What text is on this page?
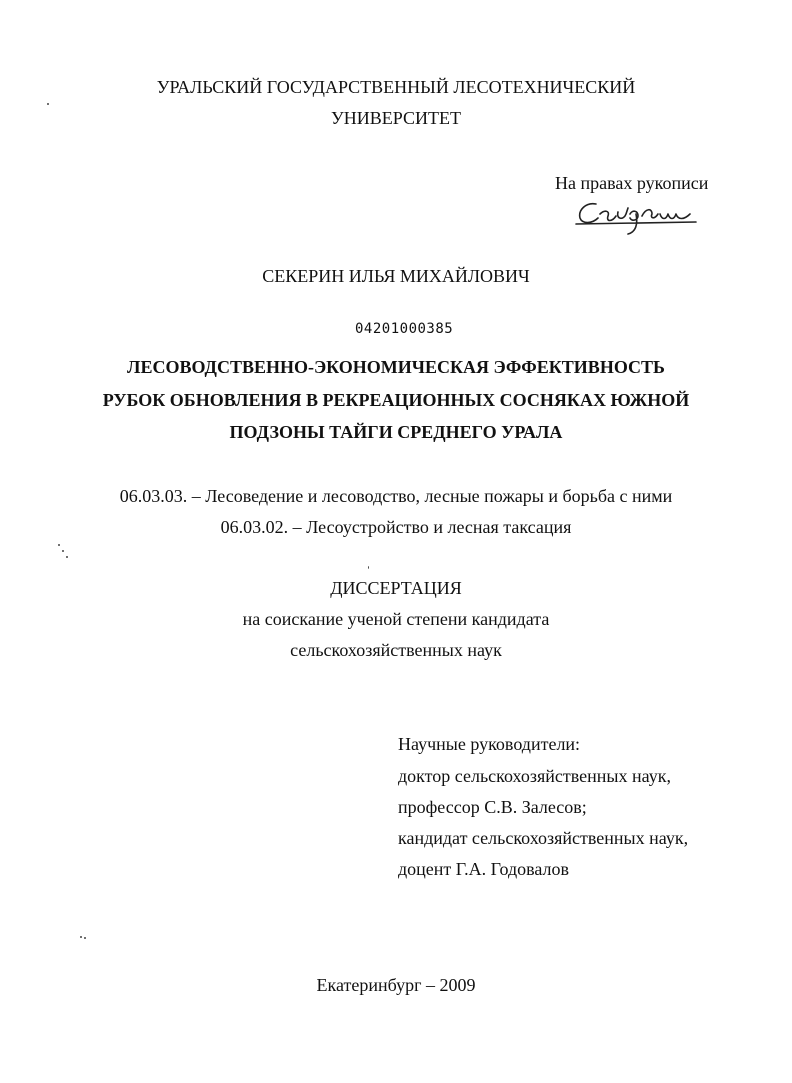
УРАЛЬСКИЙ ГОСУДАРСТВЕННЫЙ ЛЕСОТЕХНИЧЕСКИЙ
УНИВЕРСИТЕТ
На правах рукописи
СЕКЕРИН ИЛЬЯ МИХАЙЛОВИЧ
04201000385
ЛЕСОВОДСТВЕННО-ЭКОНОМИЧЕСКАЯ ЭФФЕКТИВНОСТЬ
РУБОК ОБНОВЛЕНИЯ В РЕКРЕАЦИОННЫХ СОСНЯКАХ ЮЖНОЙ
ПОДЗОНЫ ТАЙГИ СРЕДНЕГО УРАЛА
06.03.03. – Лесоведение и лесоводство, лесные пожары и борьба с ними
06.03.02. – Лесоустройство и лесная таксация
ДИССЕРТАЦИЯ
на соискание ученой степени кандидата
сельскохозяйственных наук
Научные руководители:
доктор сельскохозяйственных наук,
профессор С.В. Залесов;
кандидат сельскохозяйственных наук,
доцент Г.А. Годовалов
Екатеринбург – 2009
